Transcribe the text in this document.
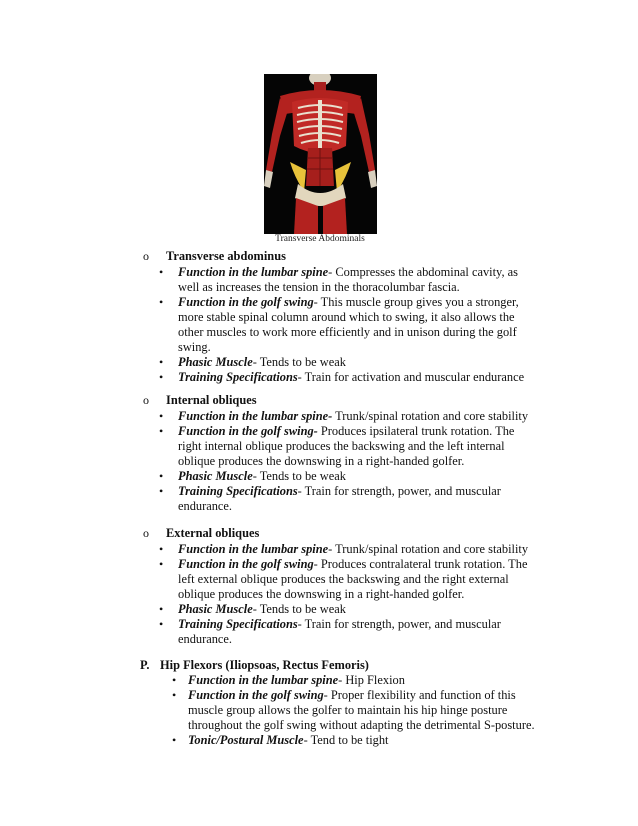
Transverse Abdominals
o	Transverse abdominus
• Function in the lumbar spine- Compresses the abdominal cavity, as well as increases the tension in the thoracolumbar fascia.
• Function in the golf swing- This muscle group gives you a stronger, more stable spinal column around which to swing, it also allows the other muscles to work more efficiently and in unison during the golf swing.
• Phasic Muscle- Tends to be weak
• Training Specifications- Train for activation and muscular endurance
o	Internal obliques
• Function in the lumbar spine- Trunk/spinal rotation and core stability
• Function in the golf swing- Produces ipsilateral trunk rotation. The right internal oblique produces the backswing and the left internal oblique produces the downswing in a right-handed golfer.
• Phasic Muscle- Tends to be weak
• Training Specifications- Train for strength, power, and muscular endurance.
o	External obliques
• Function in the lumbar spine- Trunk/spinal rotation and core stability
• Function in the golf swing- Produces contralateral trunk rotation. The left external oblique produces the backswing and the right external oblique produces the downswing in a right-handed golfer.
• Phasic Muscle- Tends to be weak
• Training Specifications- Train for strength, power, and muscular endurance.
P. Hip Flexors (Iliopsoas, Rectus Femoris)
• Function in the lumbar spine- Hip Flexion
• Function in the golf swing- Proper flexibility and function of this muscle group allows the golfer to maintain his hip hinge posture throughout the golf swing without adapting the detrimental S-posture.
• Tonic/Postural Muscle- Tend to be tight
